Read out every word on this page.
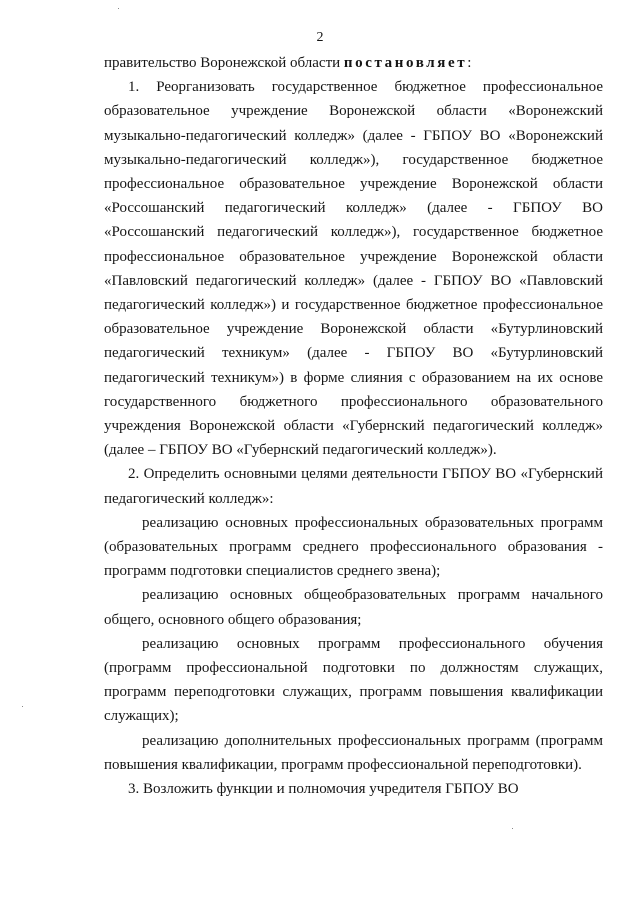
2

правительство Воронежской области постановляет:

1. Реорганизовать государственное бюджетное профессиональное образовательное учреждение Воронежской области «Воронежский музыкально-педагогический колледж» (далее - ГБПОУ ВО «Воронежский музыкально-педагогический колледж»), государственное бюджетное профессиональное образовательное учреждение Воронежской области «Россошанский педагогический колледж» (далее - ГБПОУ ВО «Россошанский педагогический колледж»), государственное бюджетное профессиональное образовательное учреждение Воронежской области «Павловский педагогический колледж» (далее - ГБПОУ ВО «Павловский педагогический колледж») и государственное бюджетное профессиональное образовательное учреждение Воронежской области «Бутурлиновский педагогический техникум» (далее - ГБПОУ ВО «Бутурлиновский педагогический техникум») в форме слияния с образованием на их основе государственного бюджетного профессионального образовательного учреждения Воронежской области «Губернский педагогический колледж» (далее – ГБПОУ ВО «Губернский педагогический колледж»).

2. Определить основными целями деятельности ГБПОУ ВО «Губернский педагогический колледж»:

реализацию основных профессиональных образовательных программ (образовательных программ среднего профессионального образования - программ подготовки специалистов среднего звена);

реализацию основных общеобразовательных программ начального общего, основного общего образования;

реализацию основных программ профессионального обучения (программ профессиональной подготовки по должностям служащих, программ переподготовки служащих, программ повышения квалификации служащих);

реализацию дополнительных профессиональных программ (программ повышения квалификации, программ профессиональной переподготовки).

3. Возложить функции и полномочия учредителя ГБПОУ ВО
